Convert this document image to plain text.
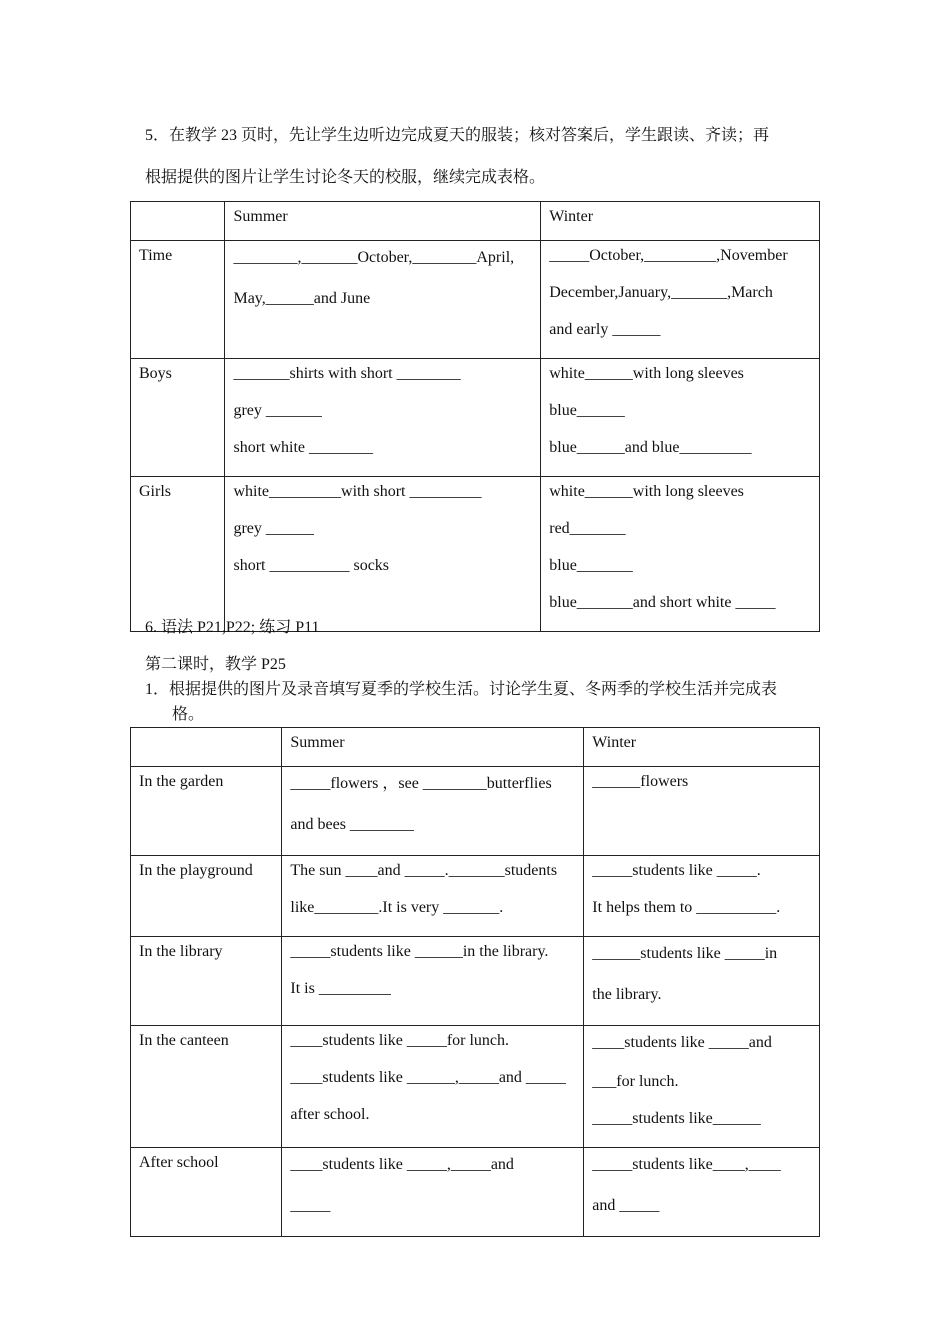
5．在教学 23 页时，先让学生边听边完成夏天的服装；核对答案后，学生跟读、齐读；再
根据提供的图片让学生讨论冬天的校服，继续完成表格。
	Summer	Winter
Time	________,_______October,________April,
May,______and June	_____October,_________,November
December,January,_______,March
and early ______

Boys	_______shirts with short ________
grey _______
short white ________	white______with long sleeves
blue______
blue______and blue_________

Girls	white_________with short _________
grey ______
short __________ socks	white______with long sleeves
red_______
blue_______
blue_______and short white _____
6. 语法 P21,P22; 练习 P11
第二课时，教学 P25
1．根据提供的图片及录音填写夏季的学校生活。讨论学生夏、冬两季的学校生活并完成表
格。
	Summer	Winter
In the garden	_____flowers ，see ________butterflies
and bees ________	______flowers

In the playground	The sun ____and _____._______students
like________.It is very _______.	_____students like _____.
It helps them to __________.

In the library	_____students like ______in the library.
It is _________	______students like _____in
the library.

In the canteen	____students like _____for lunch.
____students like ______,_____and _____
after school.	____students like _____and
___for lunch.
_____students like______

After school	____students like _____,_____and
_____	_____students like____,____
and _____
